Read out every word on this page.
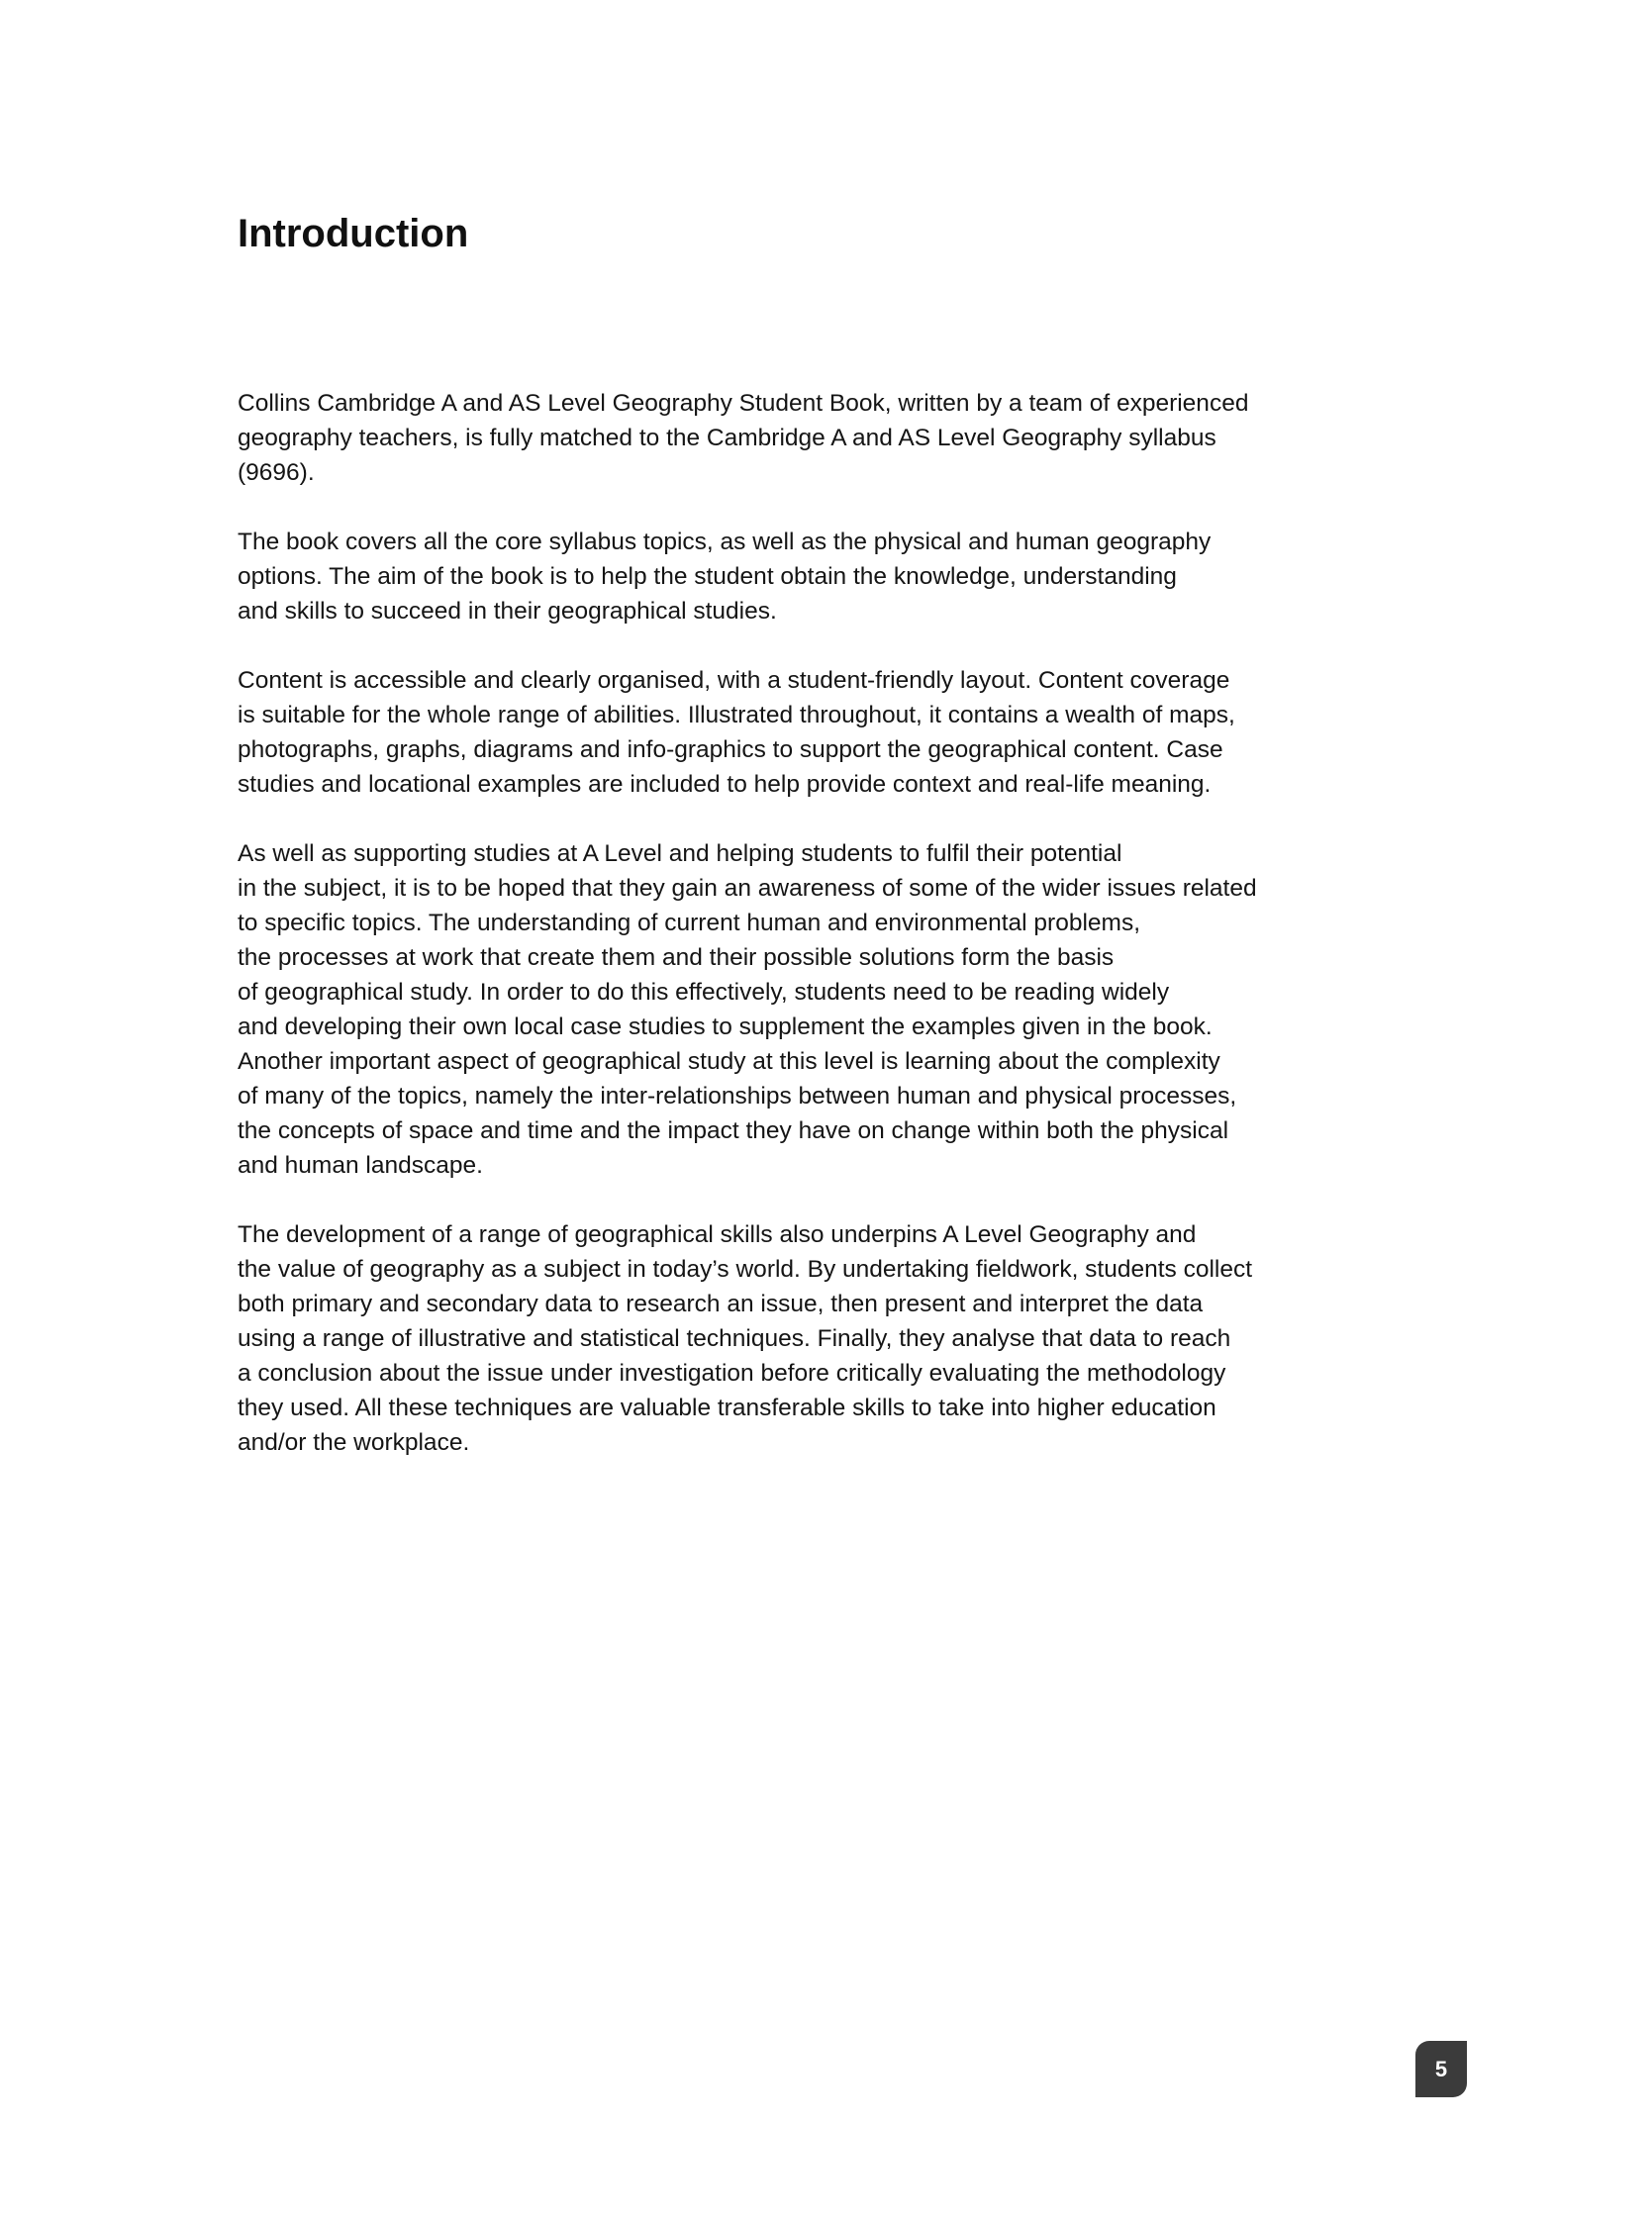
Introduction

Collins Cambridge A and AS Level Geography Student Book, written by a team of experienced
geography teachers, is fully matched to the Cambridge A and AS Level Geography syllabus
(9696).

The book covers all the core syllabus topics, as well as the physical and human geography
options. The aim of the book is to help the student obtain the knowledge, understanding
and skills to succeed in their geographical studies.

Content is accessible and clearly organised, with a student-friendly layout. Content coverage
is suitable for the whole range of abilities. Illustrated throughout, it contains a wealth of maps,
photographs, graphs, diagrams and info-graphics to support the geographical content. Case
studies and locational examples are included to help provide context and real-life meaning.

As well as supporting studies at A Level and helping students to fulfil their potential
in the subject, it is to be hoped that they gain an awareness of some of the wider issues related
to specific topics. The understanding of current human and environmental problems,
the processes at work that create them and their possible solutions form the basis
of geographical study. In order to do this effectively, students need to be reading widely
and developing their own local case studies to supplement the examples given in the book.
Another important aspect of geographical study at this level is learning about the complexity
of many of the topics, namely the inter-relationships between human and physical processes,
the concepts of space and time and the impact they have on change within both the physical
and human landscape.

The development of a range of geographical skills also underpins A Level Geography and
the value of geography as a subject in today’s world. By undertaking fieldwork, students collect
both primary and secondary data to research an issue, then present and interpret the data
using a range of illustrative and statistical techniques. Finally, they analyse that data to reach
a conclusion about the issue under investigation before critically evaluating the methodology
they used. All these techniques are valuable transferable skills to take into higher education
and/or the workplace.

5
